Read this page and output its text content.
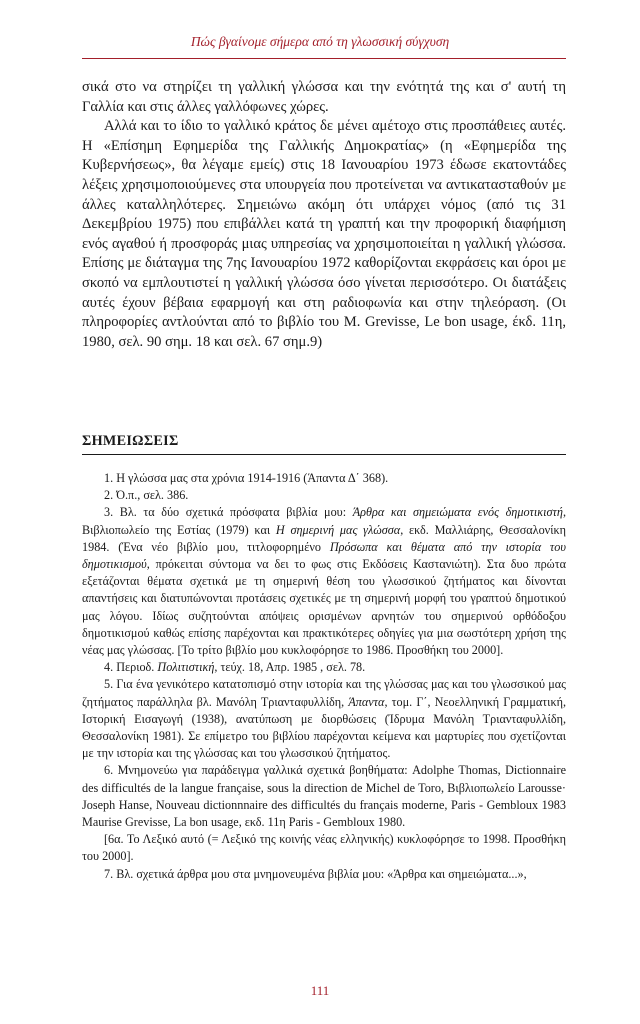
Πώς βγαίνομε σήμερα από τη γλωσσική σύγχυση

σικά στο να στηρίζει τη γαλλική γλώσσα και την ενότητά της και σ' αυτή τη Γαλλία και στις άλλες γαλλόφωνες χώρες.

Αλλά και το ίδιο το γαλλικό κράτος δε μένει αμέτοχο στις προσπάθειες αυτές. Η «Επίσημη Εφημερίδα της Γαλλικής Δημοκρατίας» (η «Εφημερίδα της Κυβερνήσεως», θα λέγαμε εμείς) στις 18 Ιανουαρίου 1973 έδωσε εκατοντάδες λέξεις χρησιμοποιούμενες στα υπουργεία που προτείνεται να αντικατασταθούν με άλλες καταλληλότερες. Σημειώνω ακόμη ότι υπάρχει νόμος (από τις 31 Δεκεμβρίου 1975) που επιβάλλει κατά τη γραπτή και την προφορική διαφήμιση ενός αγαθού ή προσφοράς μιας υπηρεσίας να χρησιμοποιείται η γαλλική γλώσσα. Επίσης με διάταγμα της 7ης Ιανουαρίου 1972 καθορίζονται εκφράσεις και όροι με σκοπό να εμπλουτιστεί η γαλλική γλώσσα όσο γίνεται περισσότερο. Οι διατάξεις αυτές έχουν βέβαια εφαρμογή και στη ραδιοφωνία και στην τηλεόραση. (Οι πληροφορίες αντλούνται από το βιβλίο του M. Grevisse, Le bon usage, έκδ. 11η, 1980, σελ. 90 σημ. 18 και σελ. 67 σημ.9)

ΣΗΜΕΙΩΣΕΙΣ

1. Η γλώσσα μας στα χρόνια 1914-1916 (Άπαντα Δ΄ 368).

2. Ό.π., σελ. 386.

3. Βλ. τα δύο σχετικά πρόσφατα βιβλία μου: Άρθρα και σημειώματα ενός δημοτικιστή, Βιβλιοπωλείο της Εστίας (1979) και Η σημερινή μας γλώσσα, εκδ. Μαλλιάρης, Θεσσαλονίκη 1984. (Ένα νέο βιβλίο μου, τιτλοφορημένο Πρόσωπα και θέματα από την ιστορία του δημοτικισμού, πρόκειται σύντομα να δει το φως στις Εκδόσεις Καστανιώτη). Στα δυο πρώτα εξετάζονται θέματα σχετικά με τη σημερινή θέση του γλωσσικού ζητήματος και δίνονται απαντήσεις και διατυπώνονται προτάσεις σχετικές με τη σημερινή μορφή του γραπτού δημοτικού μας λόγου. Ιδίως συζητούνται απόψεις ορισμένων αρνητών του σημερινού ορθόδοξου δημοτικισμού καθώς επίσης παρέχονται και πρακτικότερες οδηγίες για μια σωστότερη χρήση της νέας μας γλώσσας. [Το τρίτο βιβλίο μου κυκλοφόρησε το 1986. Προσθήκη του 2000].

4. Περιοδ. Πολιτιστική, τεύχ. 18, Απρ. 1985 , σελ. 78.

5. Για ένα γενικότερο κατατοπισμό στην ιστορία και της γλώσσας μας και του γλωσσικού μας ζητήματος παράλληλα βλ. Μανόλη Τριανταφυλλίδη, Άπαντα, τομ. Γ΄, Νεοελληνική Γραμματική, Ιστορική Εισαγωγή (1938), ανατύπωση με διορθώσεις (Ίδρυμα Μανόλη Τριανταφυλλίδη, Θεσσαλονίκη 1981). Σε επίμετρο του βιβλίου παρέχονται κείμενα και μαρτυρίες που σχετίζονται με την ιστορία και της γλώσσας και του γλωσσικού ζητήματος.

6. Μνημονεύω για παράδειγμα γαλλικά σχετικά βοηθήματα: Adolphe Thomas, Dictionnaire des difficultés de la langue française, sous la direction de Michel de Toro, Βιβλιοπωλείο Larousse· Joseph Hanse, Nouveau dictionnnaire des difficultés du français moderne, Paris - Gembloux 1983 Maurise Grevisse, La bon usage, εκδ. 11η Paris - Gembloux 1980.

[6α. Το Λεξικό αυτό (= Λεξικό της κοινής νέας ελληνικής) κυκλοφόρησε το 1998. Προσθήκη του 2000].

7. Βλ. σχετικά άρθρα μου στα μνημονευμένα βιβλία μου: «Άρθρα και σημειώματα...»,

111
